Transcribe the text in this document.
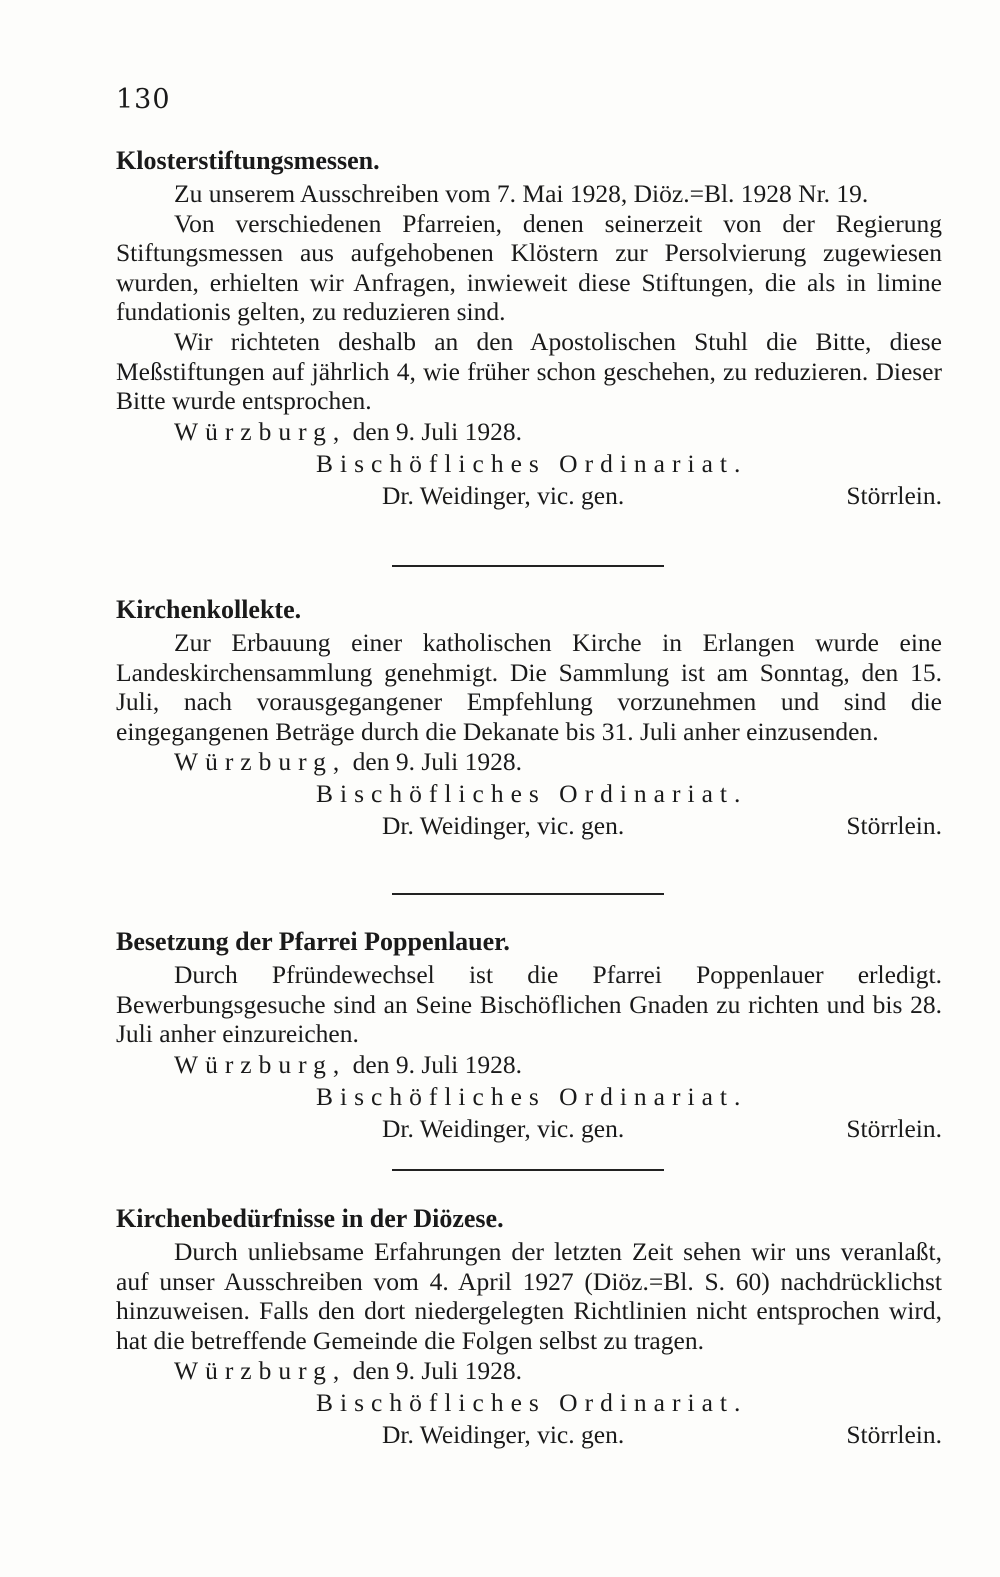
130
Klosterstiftungsmessen.

Zu unserem Ausschreiben vom 7. Mai 1928, Diöz.=Bl. 1928 Nr. 19.

Von verschiedenen Pfarreien, denen seinerzeit von der Regierung Stiftungsmessen aus aufgehobenen Klöstern zur Persolvierung zugewiesen wurden, erhielten wir Anfragen, inwieweit diese Stiftungen, die als in limine fundationis gelten, zu reduzieren sind.

Wir richteten deshalb an den Apostolischen Stuhl die Bitte, diese Meßstiftungen auf jährlich 4, wie früher schon geschehen, zu reduzieren. Dieser Bitte wurde entsprochen.

Würzburg, den 9. Juli 1928.
Bischöfliches Ordinariat.
Dr. Weidinger, vic. gen.	Störrlein.
Kirchenkollekte.

Zur Erbauung einer katholischen Kirche in Erlangen wurde eine Landeskirchensammlung genehmigt. Die Sammlung ist am Sonntag, den 15. Juli, nach vorausgegangener Empfehlung vorzunehmen und sind die eingegangenen Beträge durch die Dekanate bis 31. Juli anher einzusenden.

Würzburg, den 9. Juli 1928.
Bischöfliches Ordinariat.
Dr. Weidinger, vic. gen.	Störrlein.
Besetzung der Pfarrei Poppenlauer.

Durch Pfründewechsel ist die Pfarrei Poppenlauer erledigt. Bewerbungsgesuche sind an Seine Bischöflichen Gnaden zu richten und bis 28. Juli anher einzureichen.

Würzburg, den 9. Juli 1928.
Bischöfliches Ordinariat.
Dr. Weidinger, vic. gen.	Störrlein.
Kirchenbedürfnisse in der Diözese.

Durch unliebsame Erfahrungen der letzten Zeit sehen wir uns veranlaßt, auf unser Ausschreiben vom 4. April 1927 (Diöz.=Bl. S. 60) nachdrücklichst hinzuweisen. Falls den dort niedergelegten Richtlinien nicht entsprochen wird, hat die betreffende Gemeinde die Folgen selbst zu tragen.

Würzburg, den 9. Juli 1928.
Bischöfliches Ordinariat.
Dr. Weidinger, vic. gen.	Störrlein.
